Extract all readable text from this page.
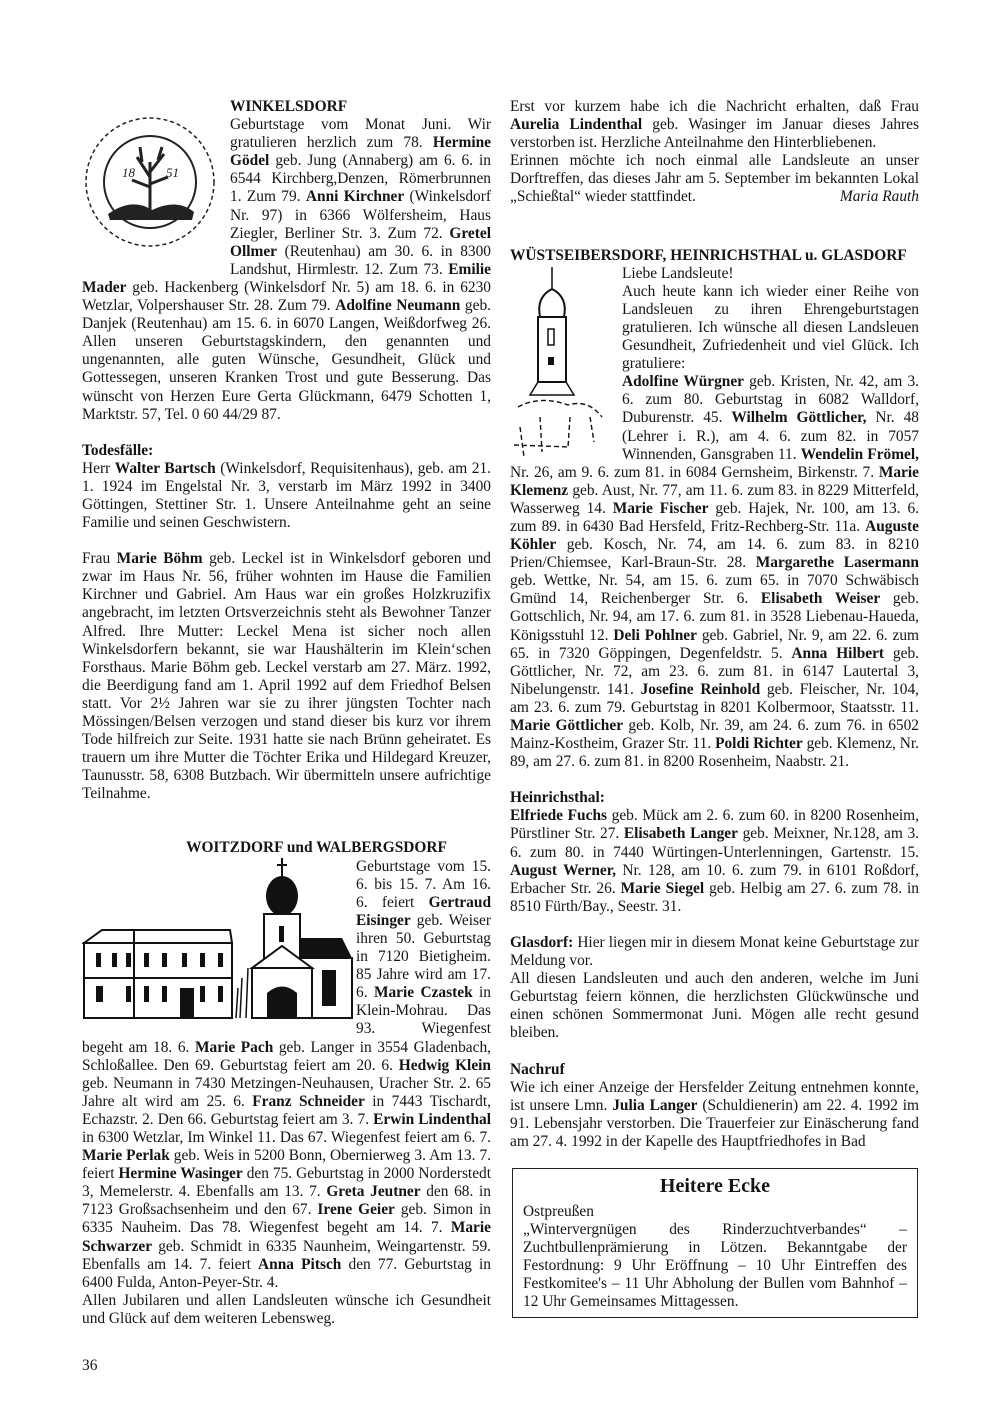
18 51
WINKELSDORF

Geburtstage vom Monat Juni. Wir gratulieren herzlich zum 78. Hermine Gödel geb. Jung (Annaberg) am 6. 6. in 6544 Kirchberg,Denzen, Römerbrunnen 1. Zum 79. Anni Kirchner (Winkelsdorf Nr. 97) in 6366 Wölfersheim, Haus Ziegler, Berliner Str. 3. Zum 72. Gretel Ollmer (Reutenhau) am 30. 6. in 8300 Landshut, Hirmlestr. 12. Zum 73. Emilie Mader geb. Hackenberg (Winkelsdorf Nr. 5) am 18. 6. in 6230 Wetzlar, Volpershauser Str. 28. Zum 79. Adolfine Neumann geb. Danjek (Reutenhau) am 15. 6. in 6070 Langen, Weißdorfweg 26. Allen unseren Geburtstagskindern, den genannten und ungenannten, alle guten Wünsche, Gesundheit, Glück und Gottessegen, unseren Kranken Trost und gute Besserung. Das wünscht von Herzen Eure Gerta Glückmann, 6479 Schotten 1, Marktstr. 57, Tel. 0 60 44/29 87.

Todesfälle:

Herr Walter Bartsch (Winkelsdorf, Requisitenhaus), geb. am 21. 1. 1924 im Engelstal Nr. 3, verstarb im März 1992 in 3400 Göttingen, Stettiner Str. 1. Unsere Anteilnahme geht an seine Familie und seinen Geschwistern.

Frau Marie Böhm geb. Leckel ist in Winkelsdorf geboren und zwar im Haus Nr. 56, früher wohnten im Hause die Familien Kirchner und Gabriel. Am Haus war ein großes Holzkruzifix angebracht, im letzten Ortsverzeichnis steht als Bewohner Tanzer Alfred. Ihre Mutter: Leckel Mena ist sicher noch allen Winkelsdorfern bekannt, sie war Haushälterin im Klein‘schen Forsthaus. Marie Böhm geb. Leckel verstarb am 27. März. 1992, die Beerdigung fand am 1. April 1992 auf dem Friedhof Belsen statt. Vor 2½ Jahren war sie zu ihrer jüngsten Tochter nach Mössingen/Belsen verzogen und stand dieser bis kurz vor ihrem Tode hilfreich zur Seite. 1931 hatte sie nach Brünn geheiratet. Es trauern um ihre Mutter die Töchter Erika und Hildegard Kreuzer, Taunusstr. 58, 6308 Butzbach. Wir übermitteln unsere aufrichtige Teilnahme.

WOITZDORF und WALBERGSDORF

Geburtstage vom 15. 6. bis 15. 7. Am 16. 6. feiert Gertraud Eisinger geb. Weiser ihren 50. Geburtstag in 7120 Bietigheim. 85 Jahre wird am 17. 6. Marie Czastek in Klein-Mohrau. Das 93. Wiegenfest begeht am 18. 6. Marie Pach geb. Langer in 3554 Gladenbach, Schloßallee. Den 69. Geburtstag feiert am 20. 6. Hedwig Klein geb. Neumann in 7430 Metzingen-Neuhausen, Uracher Str. 2. 65 Jahre alt wird am 25. 6. Franz Schneider in 7443 Tischardt, Echazstr. 2. Den 66. Geburtstag feiert am 3. 7. Erwin Lindenthal in 6300 Wetzlar, Im Winkel 11. Das 67. Wiegenfest feiert am 6. 7. Marie Perlak geb. Weis in 5200 Bonn, Obernierweg 3. Am 13. 7. feiert Hermine Wasinger den 75. Geburtstag in 2000 Norderstedt 3, Memelerstr. 4. Ebenfalls am 13. 7. Greta Jeutner den 68. in 7123 Großsachsenheim und den 67. Irene Geier geb. Simon in 6335 Nauheim. Das 78. Wiegenfest begeht am 14. 7. Marie Schwarzer geb. Schmidt in 6335 Naunheim, Weingartenstr. 59. Ebenfalls am 14. 7. feiert Anna Pitsch den 77. Geburtstag in 6400 Fulda, Anton-Peyer-Str. 4.

Allen Jubilaren und allen Landsleuten wünsche ich Gesundheit und Glück auf dem weiteren Lebensweg.

Erst vor kurzem habe ich die Nachricht erhalten, daß Frau Aurelia Lindenthal geb. Wasinger im Januar dieses Jahres verstorben ist. Herzliche Anteilnahme den Hinterbliebenen.

Erinnen möchte ich noch einmal alle Landsleute an unser Dorftreffen, das dieses Jahr am 5. September im bekannten Lokal „Schießtal“ wieder stattfindet.	Maria Rauth

WÜSTSEIBERSDORF, HEINRICHSTHAL u. GLASDORF

Liebe Landsleute!

Auch heute kann ich wieder einer Reihe von Landsleuen zu ihren Ehrengeburtstagen gratulieren. Ich wünsche all diesen Landsleuen Gesundheit, Zufriedenheit und viel Glück. Ich gratuliere:

Adolfine Würgner geb. Kristen, Nr. 42, am 3. 6. zum 80. Geburtstag in 6082 Walldorf, Duburenstr. 45. Wilhelm Göttlicher, Nr. 48 (Lehrer i. R.), am 4. 6. zum 82. in 7057 Winnenden, Gansgraben 11. Wendelin Frömel, Nr. 26, am 9. 6. zum 81. in 6084 Gernsheim, Birkenstr. 7. Marie Klemenz geb. Aust, Nr. 77, am 11. 6. zum 83. in 8229 Mitterfeld, Wasserweg 14. Marie Fischer geb. Hajek, Nr. 100, am 13. 6. zum 89. in 6430 Bad Hersfeld, Fritz-Rechberg-Str. 11a. Auguste Köhler geb. Kosch, Nr. 74, am 14. 6. zum 83. in 8210 Prien/Chiemsee, Karl-Braun-Str. 28. Margarethe Lasermann geb. Wettke, Nr. 54, am 15. 6. zum 65. in 7070 Schwäbisch Gmünd 14, Reichenberger Str. 6. Elisabeth Weiser geb. Gottschlich, Nr. 94, am 17. 6. zum 81. in 3528 Liebenau-Haueda, Königsstuhl 12. Deli Pohlner geb. Gabriel, Nr. 9, am 22. 6. zum 65. in 7320 Göppingen, Degenfeldstr. 5. Anna Hilbert geb. Göttlicher, Nr. 72, am 23. 6. zum 81. in 6147 Lautertal 3, Nibelungenstr. 141. Josefine Reinhold geb. Fleischer, Nr. 104, am 23. 6. zum 79. Geburtstag in 8201 Kolbermoor, Staatsstr. 11. Marie Göttlicher geb. Kolb, Nr. 39, am 24. 6. zum 76. in 6502 Mainz-Kostheim, Grazer Str. 11. Poldi Richter geb. Klemenz, Nr. 89, am 27. 6. zum 81. in 8200 Rosenheim, Naabstr. 21.

Heinrichsthal:

Elfriede Fuchs geb. Mück am 2. 6. zum 60. in 8200 Rosenheim, Pürstliner Str. 27. Elisabeth Langer geb. Meixner, Nr.128, am 3. 6. zum 80. in 7440 Würtingen-Unterlenningen, Gartenstr. 15. August Werner, Nr. 128, am 10. 6. zum 79. in 6101 Roßdorf, Erbacher Str. 26. Marie Siegel geb. Helbig am 27. 6. zum 78. in 8510 Fürth/Bay., Seestr. 31.

Glasdorf: Hier liegen mir in diesem Monat keine Geburtstage zur Meldung vor.

All diesen Landsleuten und auch den anderen, welche im Juni Geburtstag feiern können, die herzlichsten Glückwünsche und einen schönen Sommermonat Juni. Mögen alle recht gesund bleiben.

Nachruf

Wie ich einer Anzeige der Hersfelder Zeitung entnehmen konnte, ist unsere Lmn. Julia Langer (Schuldienerin) am 22. 4. 1992 im 91. Lebensjahr verstorben. Die Trauerfeier zur Einäscherung fand am 27. 4. 1992 in der Kapelle des Hauptfriedhofes in Bad

Heitere Ecke

Ostpreußen

„Wintervergnügen des Rinderzuchtverbandes“ – Zuchtbullenprämierung in Lötzen. Bekanntgabe der Festordnung: 9 Uhr Eröffnung – 10 Uhr Eintreffen des Festkomitee's – 11 Uhr Abholung der Bullen vom Bahnhof – 12 Uhr Gemeinsames Mittagessen.

36
